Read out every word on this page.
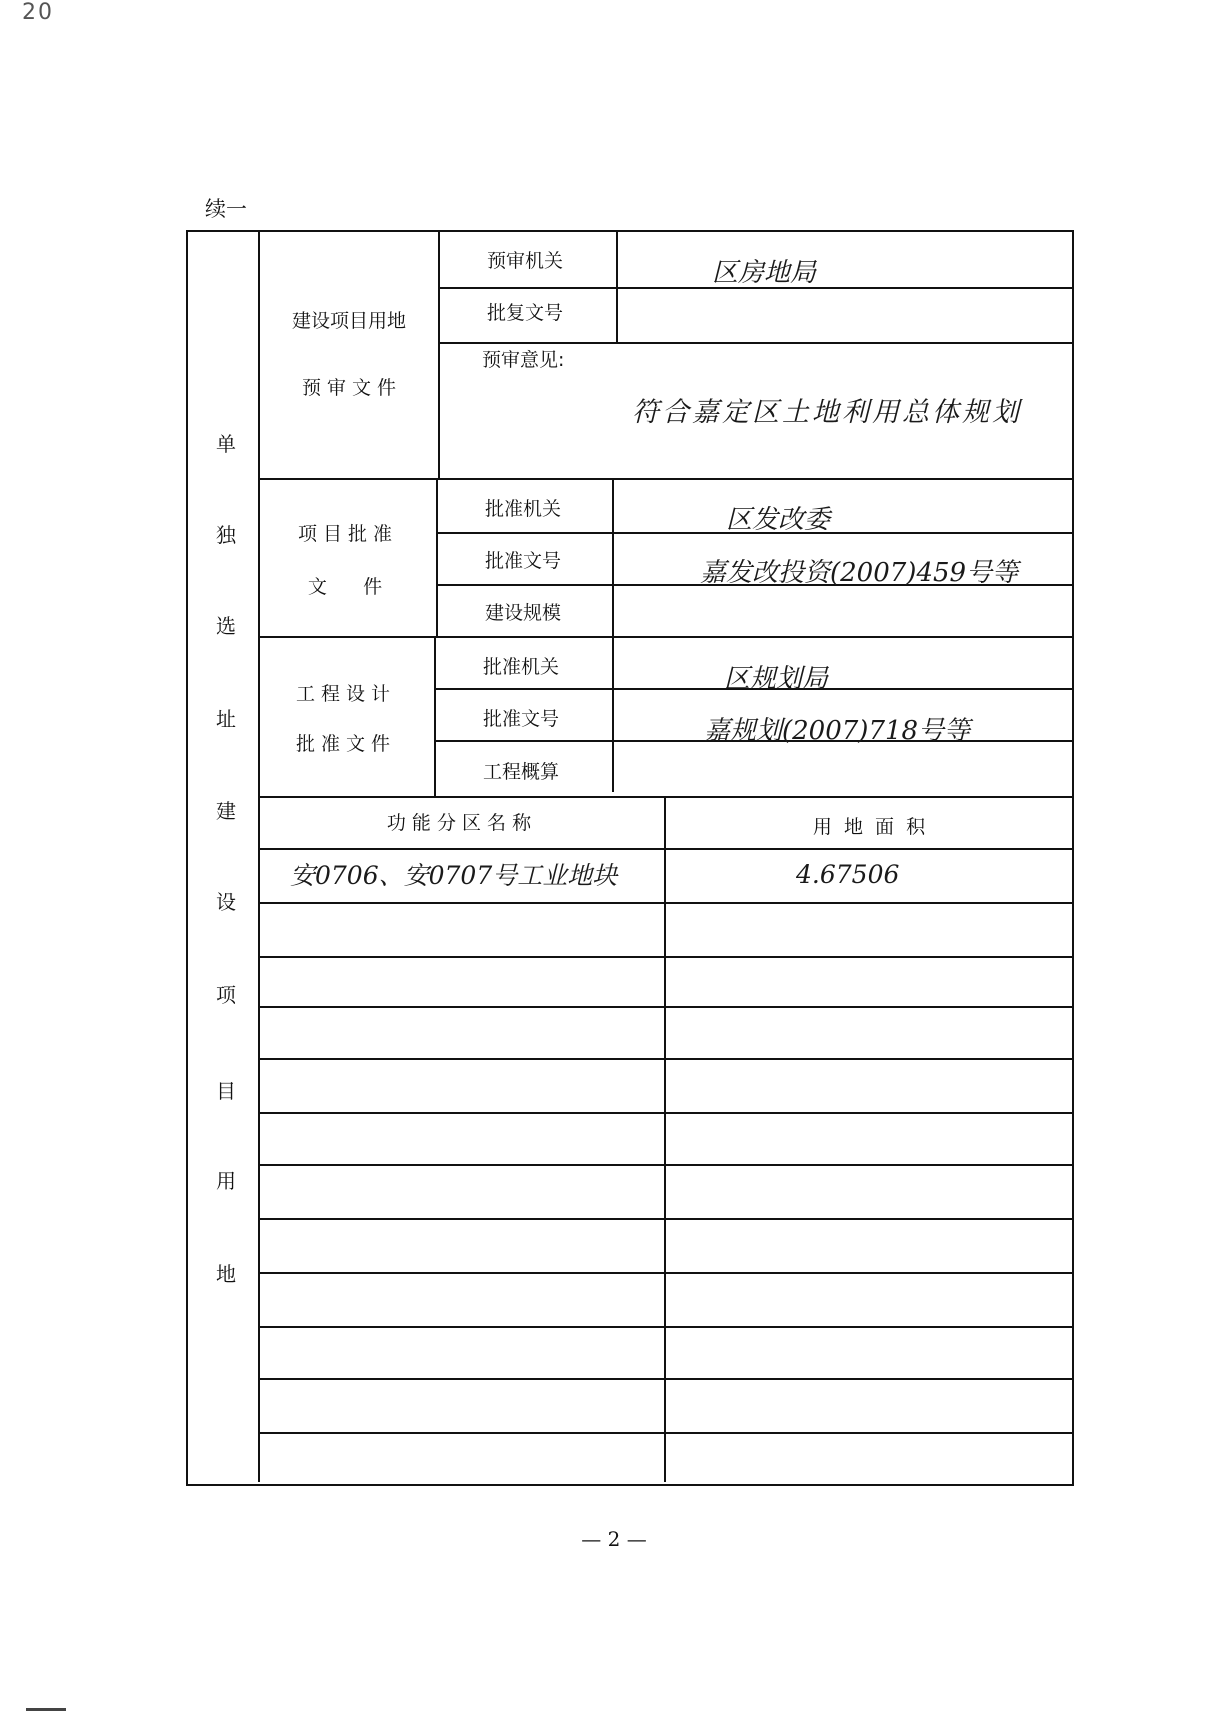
20
续一
单
独
选
址
建
设
项
目
用
地
建设项目用地
预 审 文 件
预审机关	区房地局
批复文号
预审意见:
符合嘉定区土地利用总体规划
项 目 批 准
文      件
批准机关	区发改委
批准文号	嘉发改投资(2007)459号等
建设规模
工 程 设 计
批 准 文 件
批准机关	区规划局
批准文号	嘉规划(2007)718号等
工程概算
功 能 分 区 名 称	用  地  面  积
安0706、安0707号工业地块	4.67506
— 2 —
